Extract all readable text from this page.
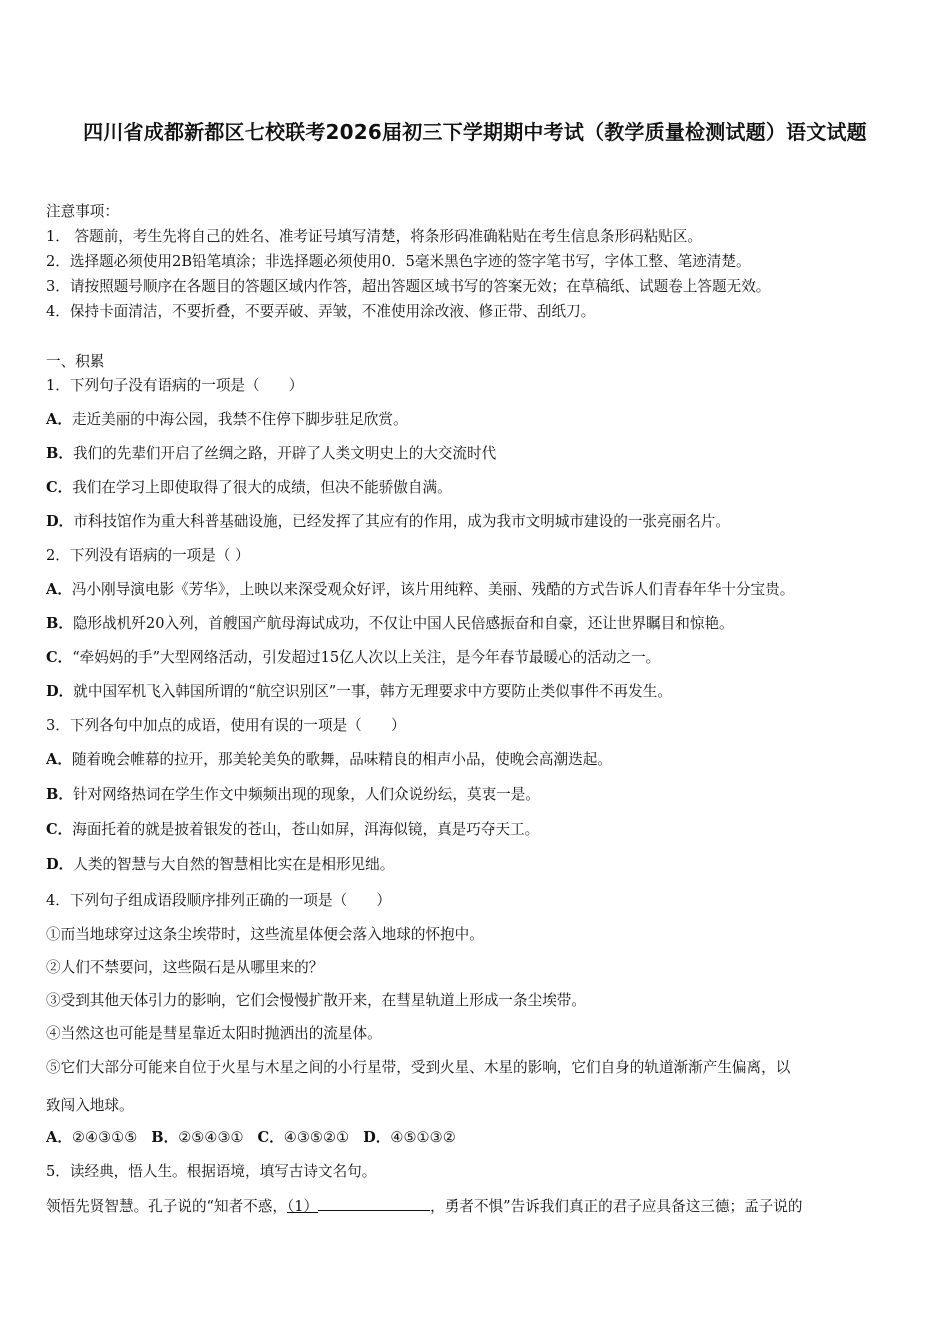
四川省成都新都区七校联考2026届初三下学期期中考试（教学质量检测试题）语文试题
注意事项：
1． 答题前，考生先将自己的姓名、准考证号填写清楚，将条形码准确粘贴在考生信息条形码粘贴区。
2．选择题必须使用2B铅笔填涂；非选择题必须使用0．5毫米黑色字迹的签字笔书写，字体工整、笔迹清楚。
3．请按照题号顺序在各题目的答题区域内作答，超出答题区域书写的答案无效；在草稿纸、试题卷上答题无效。
4．保持卡面清洁，不要折叠，不要弄破、弄皱，不准使用涂改液、修正带、刮纸刀。
一、积累
1．下列句子没有语病的一项是（　　）
A．走近美丽的中海公园，我禁不住停下脚步驻足欣赏。
B．我们的先辈们开启了丝绸之路，开辟了人类文明史上的大交流时代
C．我们在学习上即使取得了很大的成绩，但决不能骄傲自满。
D．市科技馆作为重大科普基础设施，已经发挥了其应有的作用，成为我市文明城市建设的一张亮丽名片。
2．下列没有语病的一项是（ ）
A．冯小刚导演电影《芳华》，上映以来深受观众好评，该片用纯粹、美丽、残酷的方式告诉人们青春年华十分宝贵。
B．隐形战机歼20入列，首艘国产航母海试成功，不仅让中国人民倍感振奋和自豪，还让世界瞩目和惊艳。
C．“牵妈妈的手”大型网络活动，引发超过15亿人次以上关注，是今年春节最暖心的活动之一。
D．就中国军机飞入韩国所谓的“航空识别区”一事，韩方无理要求中方要防止类似事件不再发生。
3．下列各句中加点的成语，使用有误的一项是（　　）
A．随着晚会帷幕的拉开，那美轮美奂的歌舞，品味精良的相声小品，使晚会高潮迭起。
B．针对网络热词在学生作文中频频出现的现象，人们众说纷纭，莫衷一是。
C．海面托着的就是披着银发的苍山，苍山如屏，洱海似镜，真是巧夺天工。
D．人类的智慧与大自然的智慧相比实在是相形见绌。
4．下列句子组成语段顺序排列正确的一项是（　　）
①而当地球穿过这条尘埃带时，这些流星体便会落入地球的怀抱中。
②人们不禁要问，这些陨石是从哪里来的？
③受到其他天体引力的影响，它们会慢慢扩散开来，在彗星轨道上形成一条尘埃带。
④当然这也可能是彗星靠近太阳时抛洒出的流星体。
⑤它们大部分可能来自位于火星与木星之间的小行星带，受到火星、木星的影响，它们自身的轨道渐渐产生偏离，以
致闯入地球。
A．②④③①⑤ B．②⑤④③① C．④③⑤②① D．④⑤①③②
5．读经典，悟人生。根据语境，填写古诗文名句。
领悟先贤智慧。孔子说的“知者不惑，（1）	，勇者不惧”告诉我们真正的君子应具备这三德；孟子说的
